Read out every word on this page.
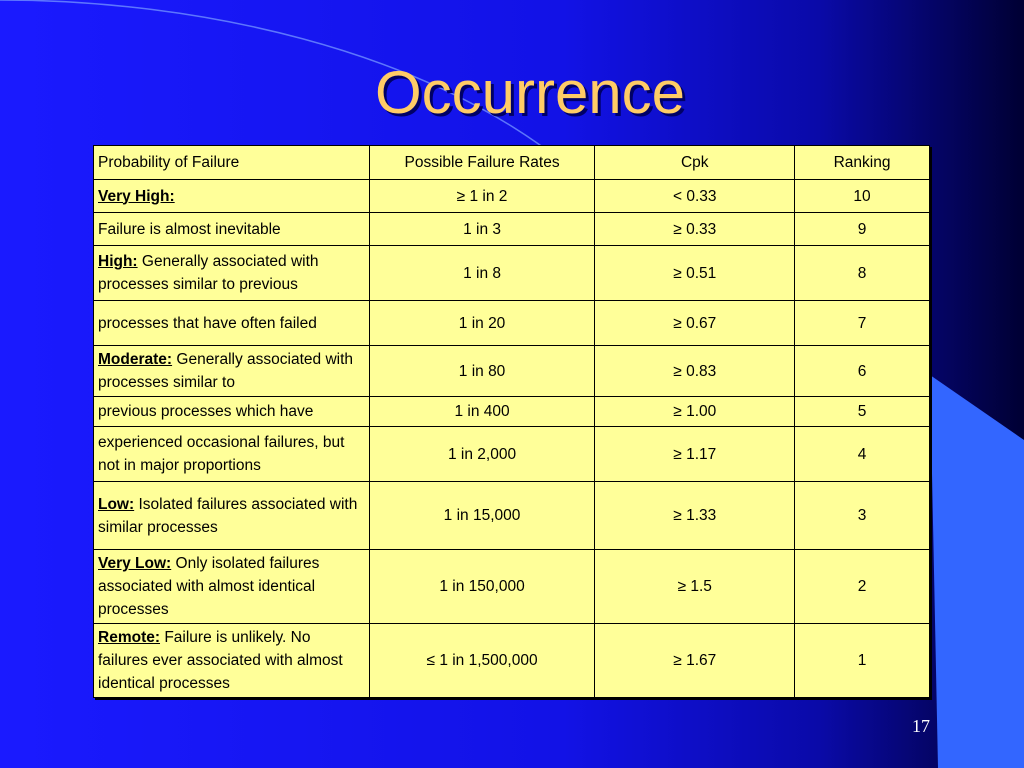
Occurrence
Probability of Failure	Possible Failure Rates	Cpk	Ranking
Very High:	≥ 1 in 2	< 0.33	10
Failure is almost inevitable	1 in 3	≥ 0.33	9
High: Generally associated with processes similar to previous	1 in 8	≥ 0.51	8
processes that have often failed	1 in 20	≥ 0.67	7
Moderate: Generally associated with processes similar to	1 in 80	≥ 0.83	6
previous processes which have	1 in 400	≥ 1.00	5
experienced occasional failures, but not in major proportions	1 in 2,000	≥ 1.17	4
Low: Isolated failures associated with similar processes	1 in 15,000	≥ 1.33	3
Very Low: Only isolated failures associated with almost identical processes	1 in 150,000	≥ 1.5	2
Remote: Failure is unlikely. No failures ever associated with almost identical processes	≤ 1 in 1,500,000	≥ 1.67	1
17
